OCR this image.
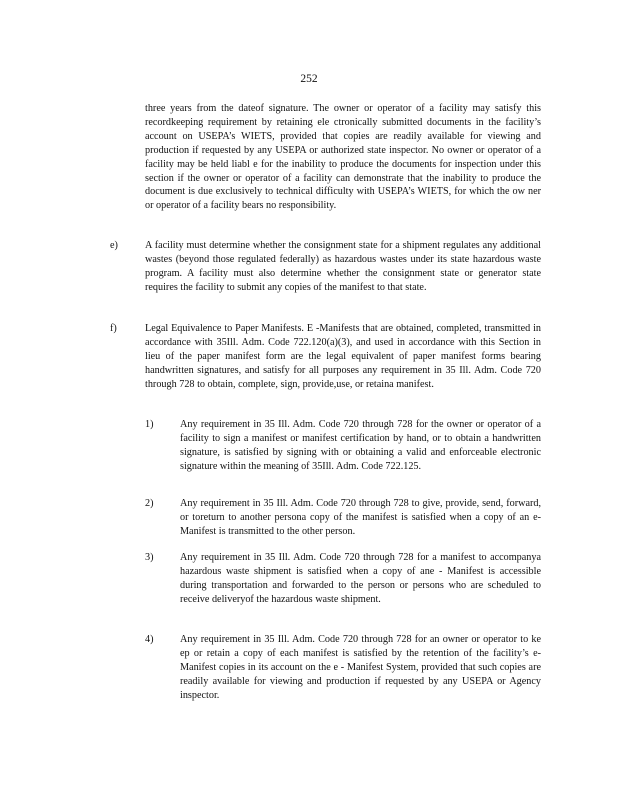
252

three years from the dateof signature. The owner or operator of a facility may satisfy this recordkeeping requirement by retaining ele ctronically submitted documents in the facility’s account on USEPA’s WIETS, provided that copies are readily available for viewing and production if requested by any USEPA or authorized state inspector. No owner or operator of a facility may be held liabl e for the inability to produce the documents for inspection under this section if the owner or operator of a facility can demonstrate that the inability to produce the document is due exclusively to technical difficulty with USEPA’s WIETS, for which the ow ner or operator of a facility bears no responsibility.

e)	A facility must determine whether the consignment state for a shipment regulates any additional wastes (beyond those regulated federally) as hazardous wastes under its state hazardous waste program. A facility must also determine whether the consignment state or generator state requires the facility to submit any copies of the manifest to that state.

f)	Legal Equivalence to Paper Manifests. E -Manifests that are obtained, completed, transmitted in accordance with 35Ill. Adm. Code 722.120(a)(3), and used in accordance with this Section in lieu of the paper manifest form are the legal equivalent of paper manifest forms bearing handwritten signatures, and satisfy for all purposes any requirement in 35 Ill. Adm. Code 720 through 728 to obtain, complete, sign, provide,use, or retaina manifest.

1)	Any requirement in 35 Ill. Adm. Code 720 through 728 for the owner or operator of a facility to sign a manifest or manifest certification by hand, or to obtain a handwritten signature, is satisfied by signing with or obtaining a valid and enforceable electronic signature within the meaning of 35Ill. Adm. Code 722.125.

2)	Any requirement in 35 Ill. Adm. Code 720 through 728 to give, provide, send, forward, or toreturn to another persona copy of the manifest is satisfied when a copy of an e-Manifest is transmitted to the other person.

3)	Any requirement in 35 Ill. Adm. Code 720 through 728 for a manifest to accompanya hazardous waste shipment is satisfied when a copy of ane - Manifest is accessible during transportation and forwarded to the person or persons who are scheduled to receive deliveryof the hazardous waste shipment.

4)	Any requirement in 35 Ill. Adm. Code 720 through 728 for an owner or operator to ke ep or retain a copy of each manifest is satisfied by the retention of the facility’s e-Manifest copies in its account on the e - Manifest System, provided that such copies are readily available for viewing and production if requested by any USEPA or Agency inspector.
